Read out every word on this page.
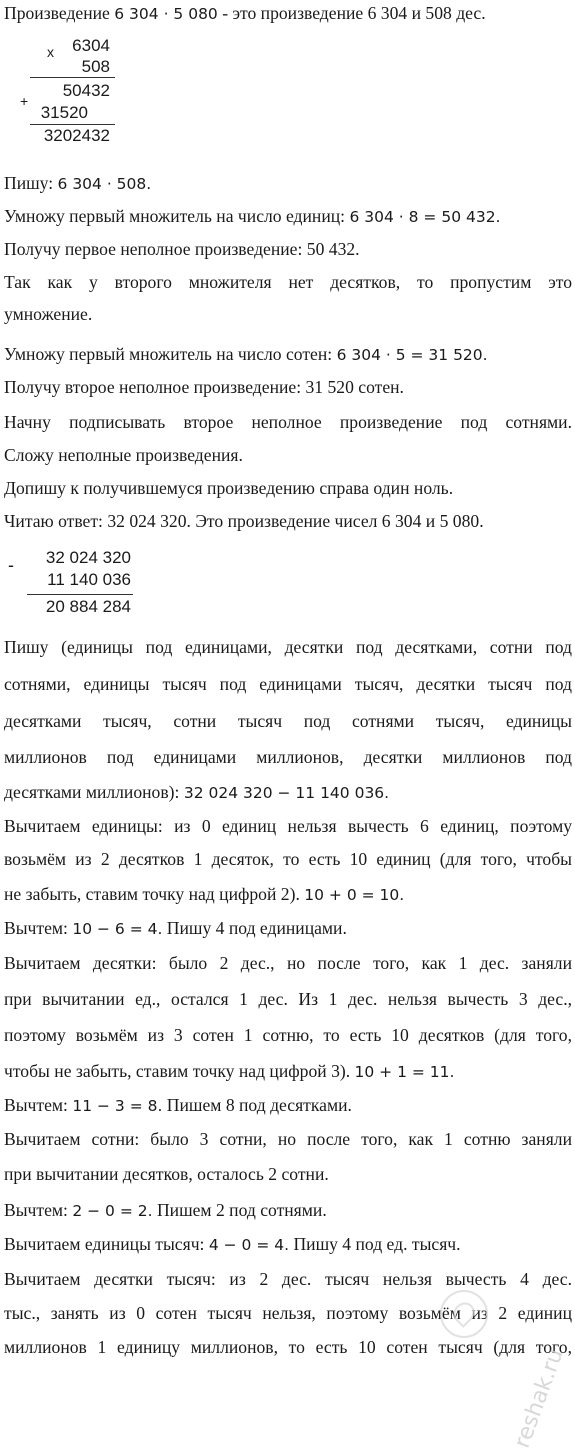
Произведение 6 304 · 5 080 - это произведение 6 304 и 508 дес.
x	6304
508
+
50432
31520
3202432
Пишу: 6 304 · 508.
Умножу первый множитель на число единиц: 6 304 · 8 = 50 432.
Получу первое неполное произведение: 50 432.
Так как у второго множителя нет десятков, то пропустим это
умножение.
Умножу первый множитель на число сотен: 6 304 · 5 = 31 520.
Получу второе неполное произведение: 31 520 сотен.
Начну подписывать второе неполное произведение под сотнями.
Сложу неполные произведения.
Допишу к получившемуся произведению справа один ноль.
Читаю ответ: 32 024 320. Это произведение чисел 6 304 и 5 080.
-	32 024 320
11 140 036
20 884 284
Пишу (единицы под единицами, десятки под десятками, сотни под
сотнями, единицы тысяч под единицами тысяч, десятки тысяч под
десятками тысяч, сотни тысяч под сотнями тысяч, единицы
миллионов под единицами миллионов, десятки миллионов под
десятками миллионов): 32 024 320 − 11 140 036.
Вычитаем единицы: из 0 единиц нельзя вычесть 6 единиц, поэтому
возьмём из 2 десятков 1 десяток, то есть 10 единиц (для того, чтобы
не забыть, ставим точку над цифрой 2). 10 + 0 = 10.
Вычтем: 10 − 6 = 4. Пишу 4 под единицами.
Вычитаем десятки: было 2 дес., но после того, как 1 дес. заняли
при вычитании ед., остался 1 дес. Из 1 дес. нельзя вычесть 3 дес.,
поэтому возьмём из 3 сотен 1 сотню, то есть 10 десятков (для того,
чтобы не забыть, ставим точку над цифрой 3). 10 + 1 = 11.
Вычтем: 11 − 3 = 8. Пишем 8 под десятками.
Вычитаем сотни: было 3 сотни, но после того, как 1 сотню заняли
при вычитании десятков, осталось 2 сотни.
Вычтем: 2 − 0 = 2. Пишем 2 под сотнями.
Вычитаем единицы тысяч: 4 − 0 = 4. Пишу 4 под ед. тысяч.
Вычитаем десятки тысяч: из 2 дес. тысяч нельзя вычесть 4 дес.
тыс., занять из 0 сотен тысяч нельзя, поэтому возьмём из 2 единиц
миллионов 1 единицу миллионов, то есть 10 сотен тысяч (для того,
reshak.ru
